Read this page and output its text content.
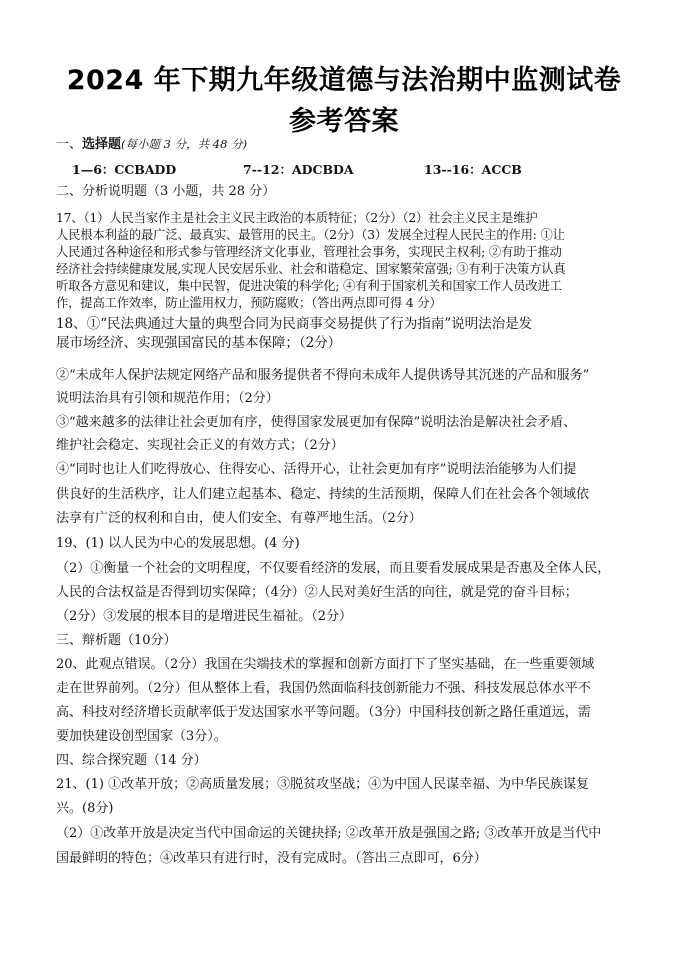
2024 年下期九年级道德与法治期中监测试卷
参考答案
一、选择题(每小题 3 分，共 48 分)
1—6：CCBADD	7--12：ADCBDA	13--16：ACCB
二、分析说明题（3 小题，共 28 分）
17、（1）人民当家作主是社会主义民主政治的本质特征；（2分）（2）社会主义民主是维护
人民根本利益的最广泛、最真实、最管用的民主。（2分）（3）发展全过程人民民主的作用: ①让
人民通过各种途径和形式参与管理经济文化事业，管理社会事务，实现民主权利; ②有助于推动
经济社会持续健康发展,实现人民安居乐业、社会和谐稳定、国家繁荣富强; ③有利于决策方认真
听取各方意见和建议，集中民智，促进决策的科学化; ④有利于国家机关和国家工作人员改进工
作，提高工作效率，防止滥用权力，预防腐败；（答出两点即可得 4 分）
18、①“民法典通过大量的典型合同为民商事交易提供了行为指南”说明法治是发
展市场经济、实现强国富民的基本保障；（2分）
②“未成年人保护法规定网络产品和服务提供者不得向未成年人提供诱导其沉迷的产品和服务”
说明法治具有引领和规范作用；（2分）
③“越来越多的法律让社会更加有序，使得国家发展更加有保障”说明法治是解决社会矛盾、
维护社会稳定、实现社会正义的有效方式；（2分）
④“同时也让人们吃得放心、住得安心、活得开心，让社会更加有序”说明法治能够为人们提
供良好的生活秩序，让人们建立起基本、稳定、持续的生活预期，保障人们在社会各个领域依
法享有广泛的权利和自由，使人们安全、有尊严地生活。（2分）
19、(1) 以人民为中心的发展思想。(4 分)
（2）①衡量一个社会的文明程度，不仅要看经济的发展，而且要看发展成果是否惠及全体人民，
人民的合法权益是否得到切实保障；（4分）②人民对美好生活的向往，就是党的奋斗目标；
（2分）③发展的根本目的是增进民生福祉。（2分）
三、辩析题（10分）
20、此观点错误。（2分）我国在尖端技术的掌握和创新方面打下了坚实基础，在一些重要领域
走在世界前列。（2分）但从整体上看，我国仍然面临科技创新能力不强、科技发展总体水平不
高、科技对经济增长贡献率低于发达国家水平等问题。（3分）中国科技创新之路任重道远，需
要加快建设创型国家（3分）。
四、综合探究题（14 分）
21、(1) ①改革开放；②高质量发展；③脱贫攻坚战；④为中国人民谋幸福、为中华民族谋复
兴。(8分)
（2）①改革开放是决定当代中国命运的关键抉择; ②改革开放是强国之路; ③改革开放是当代中
国最鲜明的特色；④改革只有进行时，没有完成时。（答出三点即可，6分）
